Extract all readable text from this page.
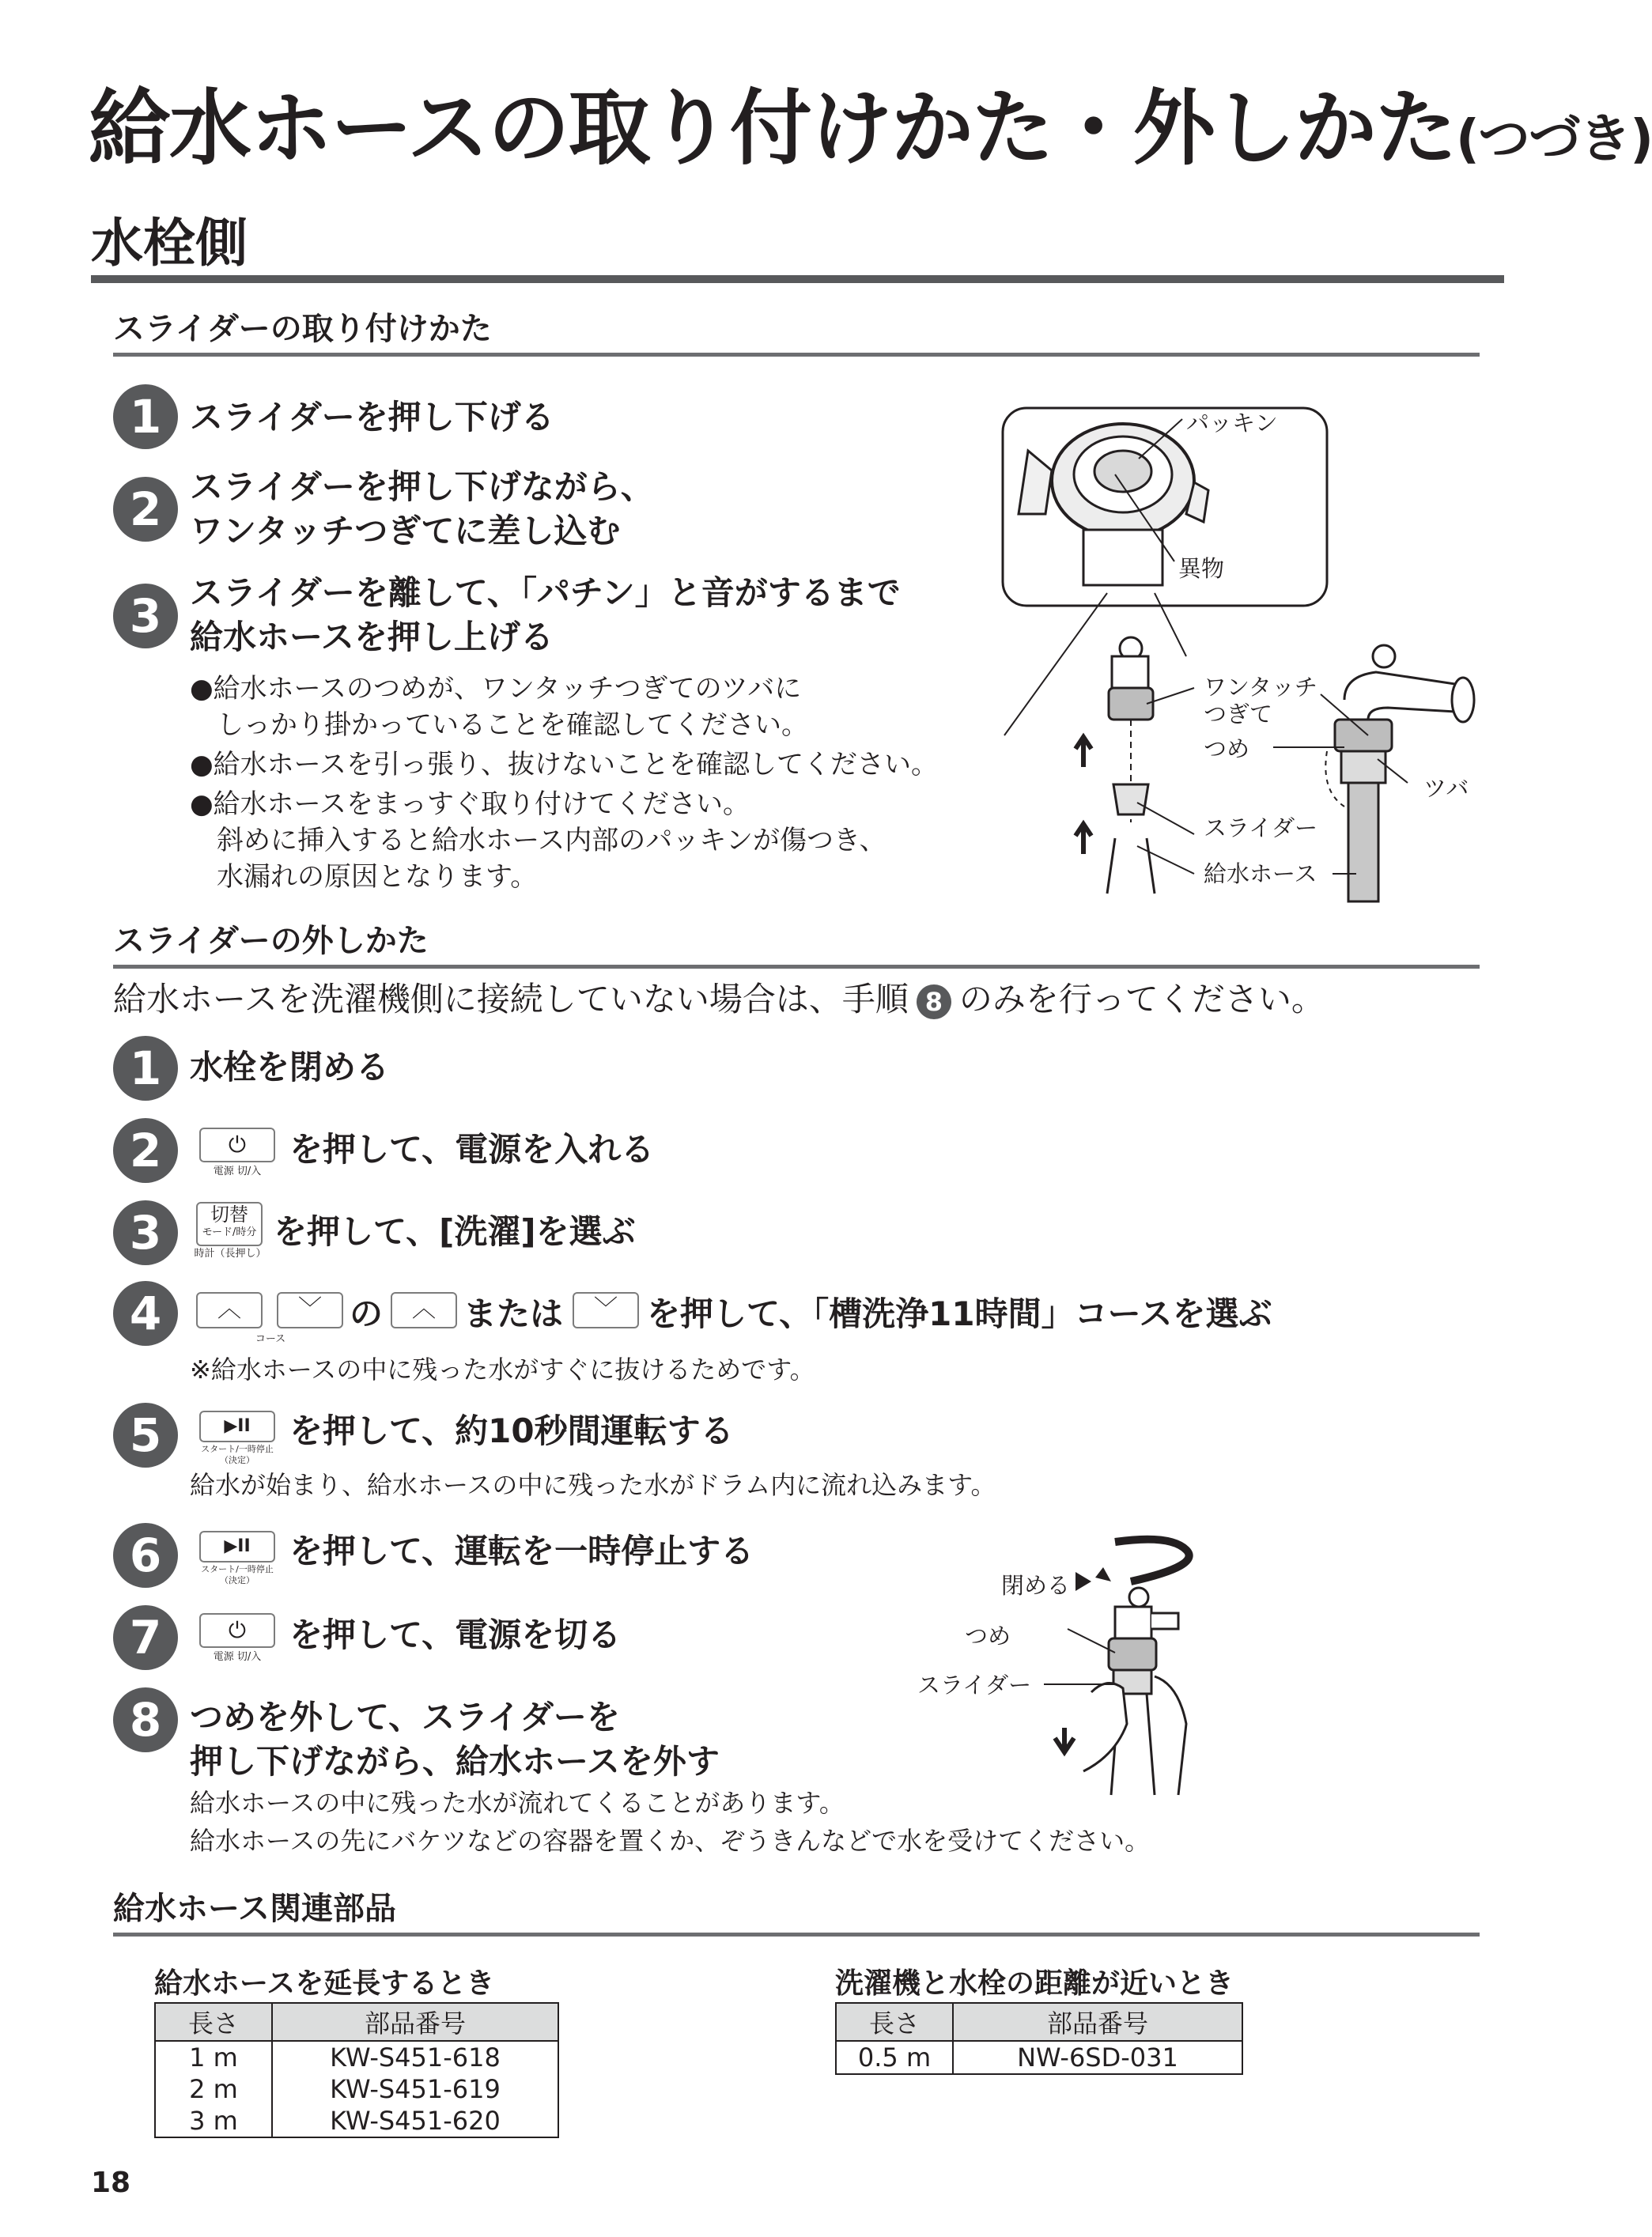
給水ホースの取り付けかた・外しかた(つづき)
水栓側
スライダーの取り付けかた
1 スライダーを押し下げる
2 スライダーを押し下げながら、
ワンタッチつぎてに差し込む
3 スライダーを離して、「パチン」と音がするまで
給水ホースを押し上げる
●給水ホースのつめが、ワンタッチつぎてのツバに
　しっかり掛かっていることを確認してください。
●給水ホースを引っ張り、抜けないことを確認してください。
●給水ホースをまっすぐ取り付けてください。
　斜めに挿入すると給水ホース内部のパッキンが傷つき、
　水漏れの原因となります。
パッキン
異物
ワンタッチ
つぎて
つめ
ツバ
スライダー
給水ホース
スライダーの外しかた
給水ホースを洗濯機側に接続していない場合は、手順 8 のみを行ってください。
1 水栓を閉める
2	⏻
電源 切/入
を押して、電源を入れる
3	切替
モード/時分
時計（長押し）
を押して、[洗濯]を選ぶ
4	︿	﹀
コース
の	︿ または	﹀ を押して、「槽洗浄11時間」コースを選ぶ
※給水ホースの中に残った水がすぐに抜けるためです。
5	▶II
スタート/一時停止
（決定）
を押して、約10秒間運転する
給水が始まり、給水ホースの中に残った水がドラム内に流れ込みます。
6	▶II
スタート/一時停止
（決定）
を押して、運転を一時停止する
7	⏻
電源 切/入
を押して、電源を切る
8 つめを外して、スライダーを
押し下げながら、給水ホースを外す
給水ホースの中に残った水が流れてくることがあります。
給水ホースの先にバケツなどの容器を置くか、ぞうきんなどで水を受けてください。
閉める
つめ
スライダー
給水ホース関連部品
給水ホースを延長するとき
長さ	部品番号
1 m	KW-S451-618
2 m	KW-S451-619
3 m	KW-S451-620
洗濯機と水栓の距離が近いとき
長さ	部品番号
0.5 m	NW-6SD-031
18
